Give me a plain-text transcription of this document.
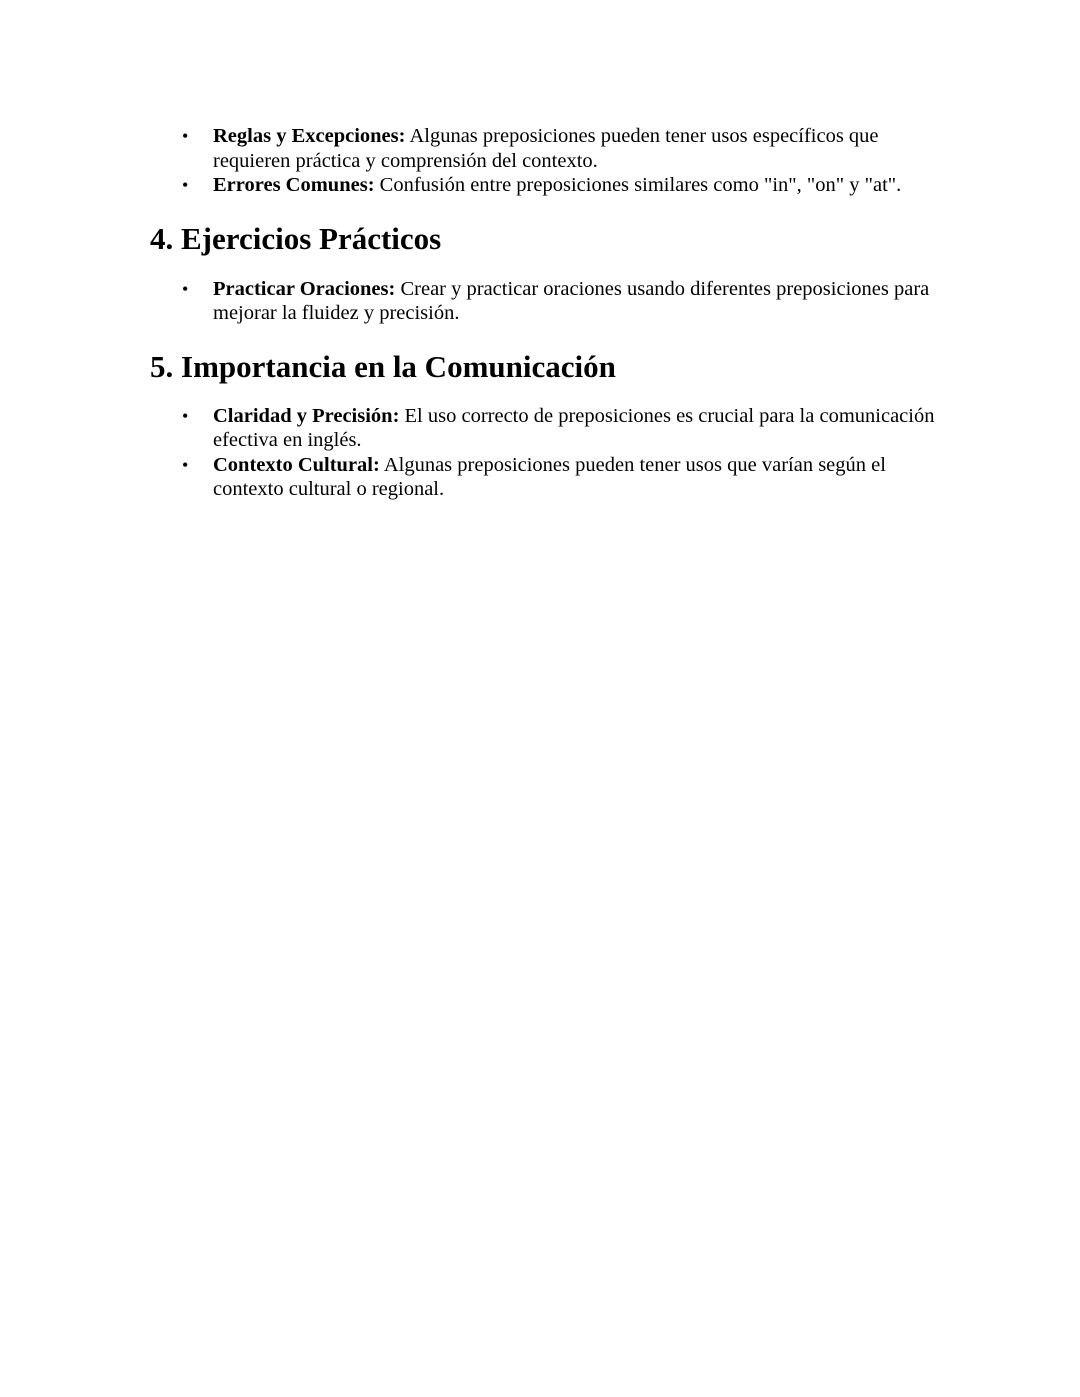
• Reglas y Excepciones: Algunas preposiciones pueden tener usos específicos que requieren práctica y comprensión del contexto.
• Errores Comunes: Confusión entre preposiciones similares como "in", "on" y "at".
4. Ejercicios Prácticos
• Practicar Oraciones: Crear y practicar oraciones usando diferentes preposiciones para mejorar la fluidez y precisión.
5. Importancia en la Comunicación
• Claridad y Precisión: El uso correcto de preposiciones es crucial para la comunicación efectiva en inglés.
• Contexto Cultural: Algunas preposiciones pueden tener usos que varían según el contexto cultural o regional.
